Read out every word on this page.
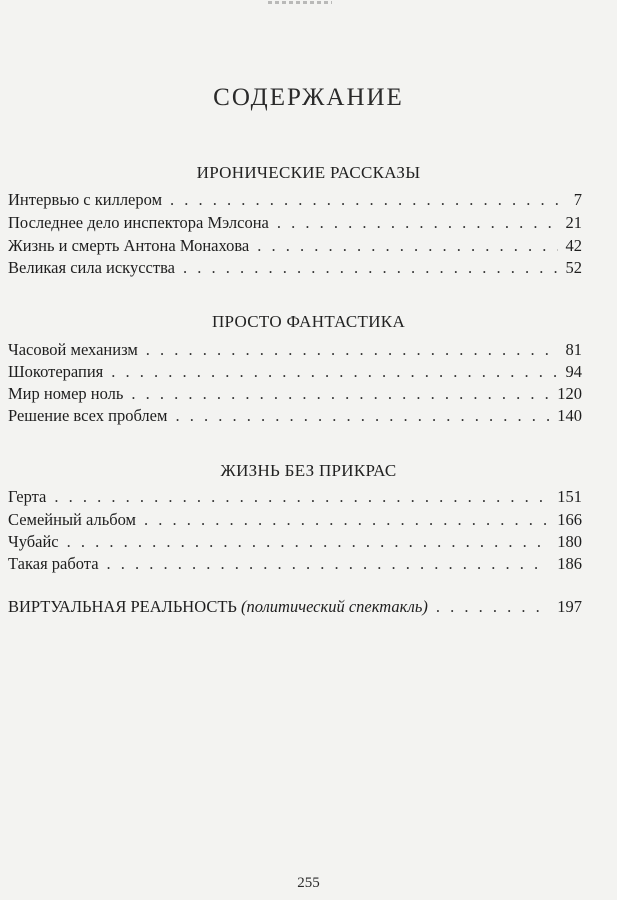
СОДЕРЖАНИЕ
ИРОНИЧЕСКИЕ РАССКАЗЫ
Интервью с киллером . . .	7
Последнее дело инспектора Мэлсона . . .	21
Жизнь и смерть Антона Монахова . . .	42
Великая сила искусства . . .	52
ПРОСТО ФАНТАСТИКА
Часовой механизм . . .	81
Шокотерапия . . .	94
Мир номер ноль . . .	120
Решение всех проблем . . .	140
ЖИЗНЬ БЕЗ ПРИКРАС
Герта . . .	151
Семейный альбом . . .	166
Чубайс . . .	180
Такая работа . . .	186
ВИРТУАЛЬНАЯ РЕАЛЬНОСТЬ (политический спектакль) . . .	197
255
